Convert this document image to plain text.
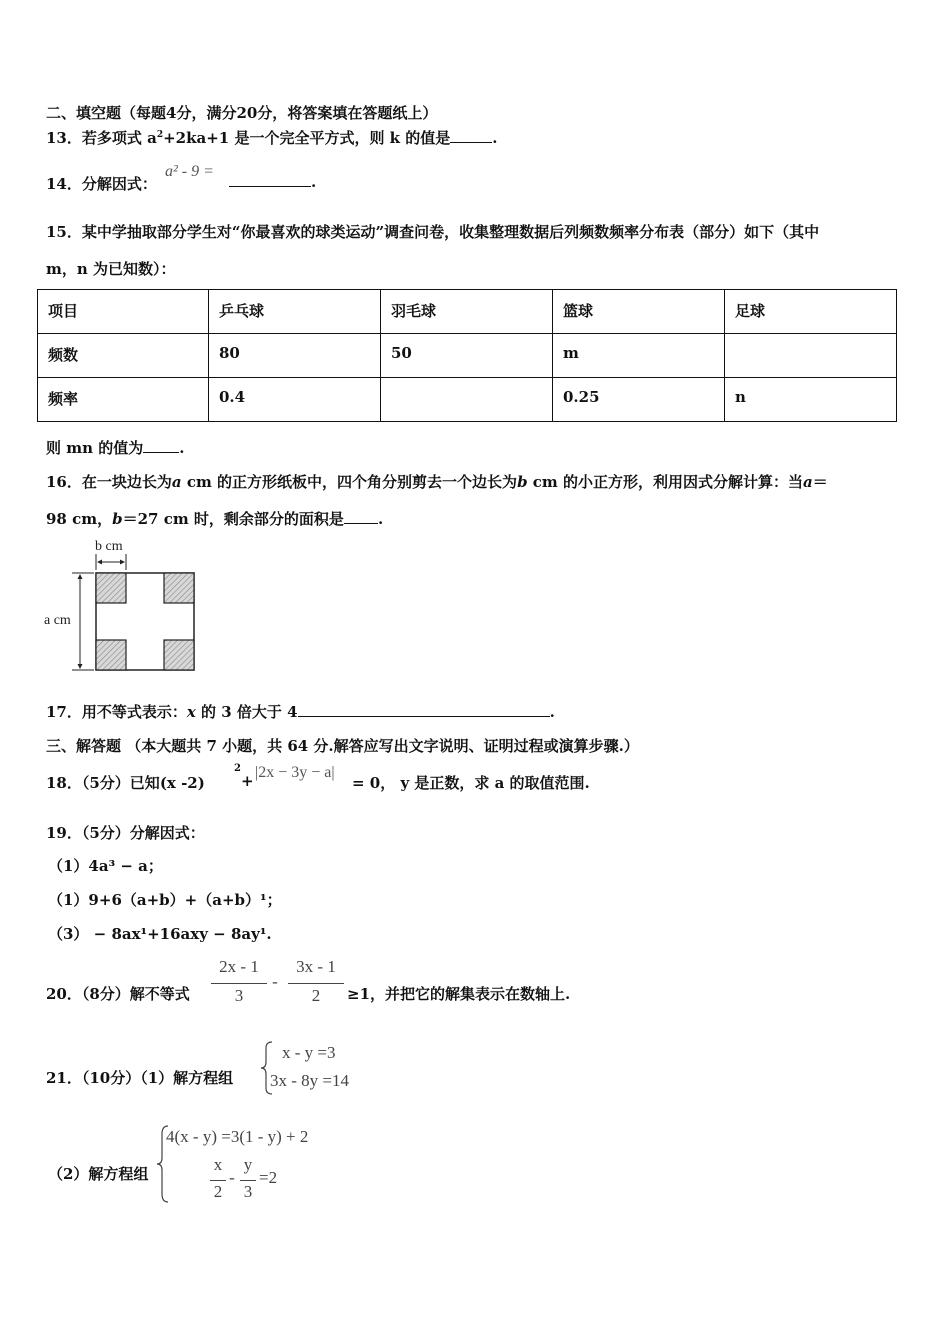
二、填空题（每题4分，满分20分，将答案填在答题纸上）
13．若多项式 $a^2+2ka+1$ 是一个完全平方式，则 k 的值是	.
14．分解因式：
a² - 9 =
.
15．某中学抽取部分学生对“你最喜欢的球类运动”调查问卷，收集整理数据后列频数频率分布表（部分）如下（其中
m，n 为已知数）：
项目	乒乓球	羽毛球	篮球	足球
频数	80	50	m	
频率	0.4		0.25	n
则 mn 的值为 .
16．在一块边长为a cm 的正方形纸板中，四个角分别剪去一个边长为b cm 的小正方形，利用因式分解计算：当a＝
98 cm，b＝27 cm 时，剩余部分的面积是 .
b cm
a cm
17．用不等式表示：x 的 3 倍大于 4	.
三、解答题 （本大题共 7 小题，共 64 分.解答应写出文字说明、证明过程或演算步骤.）
18．（5分）已知(x -2)
2
+ |2x − 3y − a|
= 0， y 是正数，求 a 的取值范围.
19．（5分）分解因式：
（1）4a³ − a；
（1）9+6（a+b）+（a+b）¹；
（3） − 8ax¹+16axy − 8ay¹.
20．（8分）解不等式
2x - 1
3
-
3x - 1
2	≥1，并把它的解集表示在数轴上.
21．（10分）（1）解方程组
x - y =3
3x - 8y =14
（2）解方程组
4(x - y) =3(1 - y) + 2
x
2
-
y
3
=2
